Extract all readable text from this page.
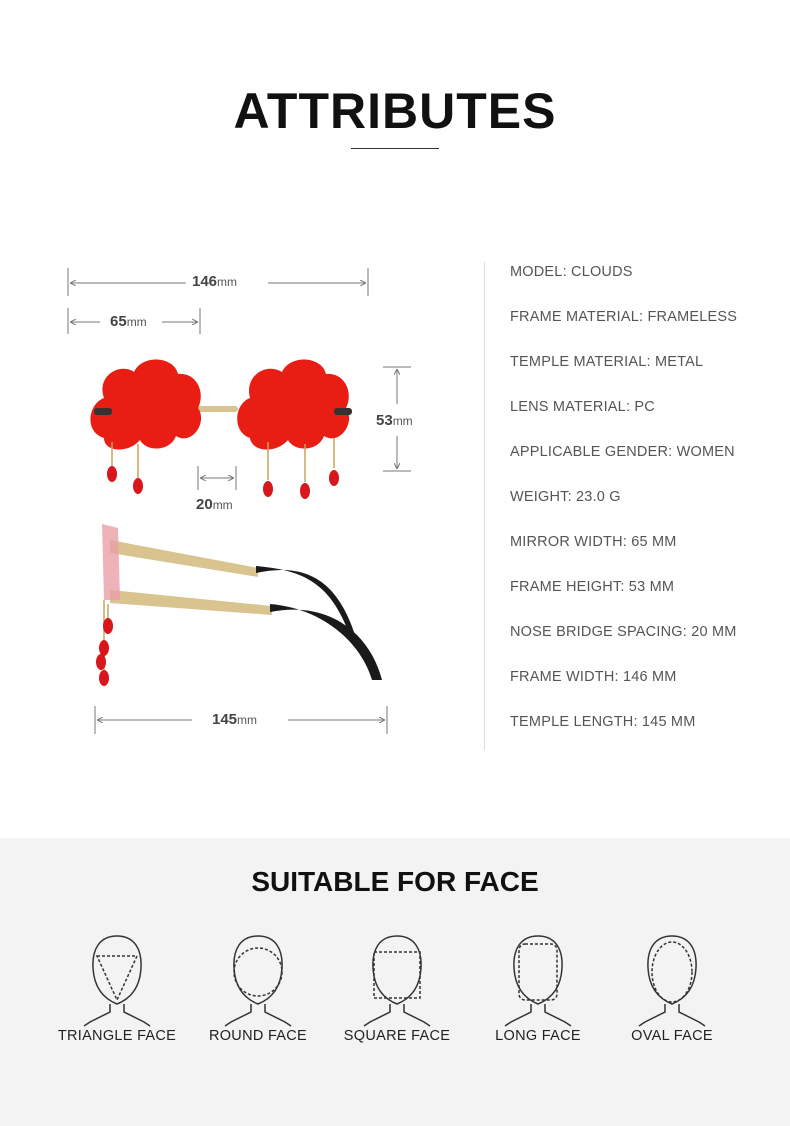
ATTRIBUTES
146mm
65mm
53mm
20mm
145mm
MODEL: CLOUDS
FRAME MATERIAL: FRAMELESS
TEMPLE MATERIAL: METAL
LENS MATERIAL: PC
APPLICABLE GENDER: WOMEN
WEIGHT: 23.0 G
MIRROR WIDTH: 65 MM
FRAME HEIGHT: 53 MM
NOSE BRIDGE SPACING: 20 MM
FRAME WIDTH: 146 MM
TEMPLE LENGTH: 145 MM
SUITABLE FOR FACE
TRIANGLE FACE	ROUND FACE	SQUARE FACE	LONG FACE	OVAL FACE
